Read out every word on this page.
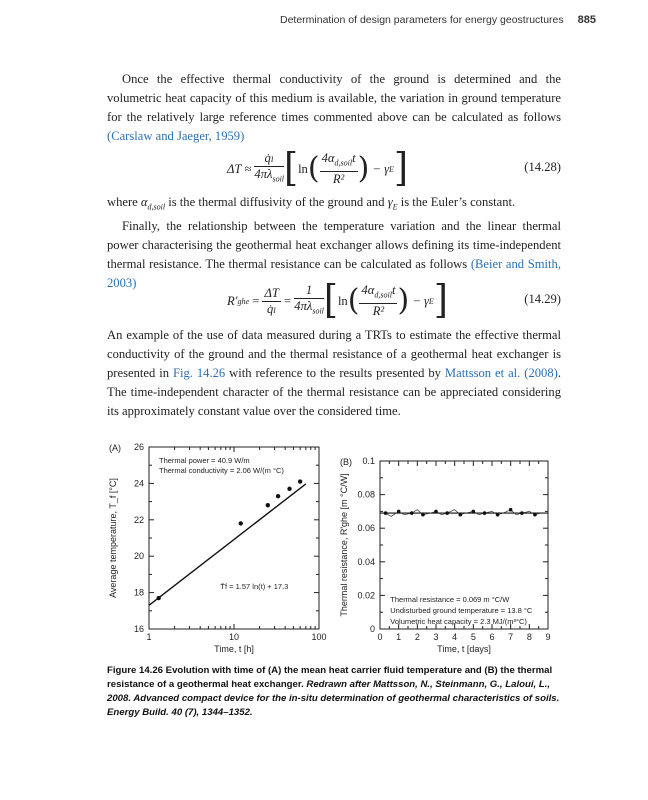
Determination of design parameters for energy geostructures 885

Once the effective thermal conductivity of the ground is determined and the volumetric heat capacity of this medium is available, the variation in ground temperature for the relatively large reference times commented above can be calculated as follows (Carslaw and Jaeger, 1959)

ΔT ≈
$\frac{\text{q̇ₗ}}{4\pi\lambda_{soil}}$ [ ln ( $\frac{4\alpha_{d,soil}t}{\text{R²}}$ )
− γ E ]	(14.28)

where $\alpha_{d,soil}$ is the thermal diffusivity of the ground and $\gamma_E$ is the Euler’s constant.

Finally, the relationship between the temperature variation and the linear thermal power characterising the geothermal heat exchanger allows defining its time-independent thermal resistance. The thermal resistance can be calculated as follows (Beier and Smith, 2003)

R′ ghe
=
$\frac{\Delta T}{\text{q̇ₗ}}$
=
$\frac{1}{4\pi\lambda_{soil}}$ [ ln ( $\frac{4\alpha_{d,soil}t}{\text{R²}}$ )
− γ E ]	(14.29)

An example of the use of data measured during a TRTs to estimate the effective thermal conductivity of the ground and the thermal resistance of a geothermal heat exchanger is presented in Fig. 14.26 with reference to the results presented by Mattsson et al. (2008). The time-independent character of the thermal resistance can be appreciated considering its approximately constant value over the considered time.

(A)
16
18
20
22
24
26
1	10	100
Time, t [h]
Average temperature, T_f [°C]
Thermal power = 40.9 W/m
Thermal conductivity = 2.06 W/(m °C)
T̄f = 1.57 ln(t) + 17.3
(B)
0
0.02
0.04
0.06
0.08
0.1
0 1 2 3 4 5 6 7 8 9
Time, t [days]
Thermal resistance, R′ghe [m °C/W]	Thermal resistance = 0.069 m °C/W
Undisturbed ground temperature = 13.8 °C
Volumetric heat capacity = 2.3 MJ/(m³°C)
Figure 14.26 Evolution with time of (A) the mean heat carrier fluid temperature and (B) the thermal resistance of a geothermal heat exchanger. Redrawn after Mattsson, N., Steinmann, G., Laloui, L., 2008. Advanced compact device for the in-situ determination of geothermal characteristics of soils. Energy Build. 40 (7), 1344–1352.
